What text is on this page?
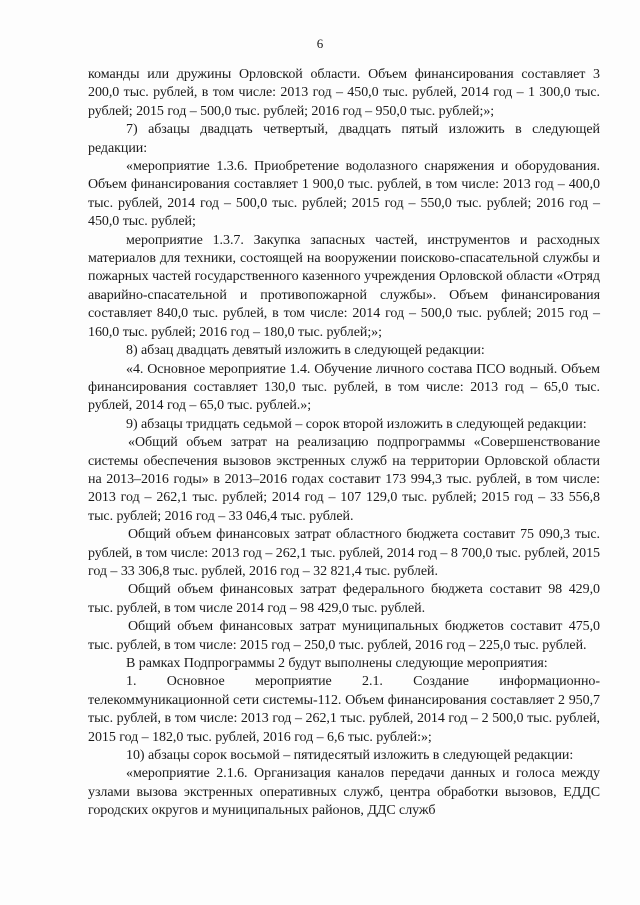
6

команды или дружины Орловской области. Объем финансирования составляет 3 200,0 тыс. рублей, в том числе: 2013 год – 450,0 тыс. рублей, 2014 год – 1 300,0 тыс. рублей; 2015 год – 500,0 тыс. рублей; 2016 год – 950,0 тыс. рублей;»;

7) абзацы двадцать четвертый, двадцать пятый изложить в следующей редакции:

«мероприятие 1.3.6. Приобретение водолазного снаряжения и оборудования. Объем финансирования составляет 1 900,0 тыс. рублей, в том числе: 2013 год – 400,0 тыс. рублей, 2014 год – 500,0 тыс. рублей; 2015 год – 550,0 тыс. рублей; 2016 год – 450,0 тыс. рублей;

мероприятие 1.3.7. Закупка запасных частей, инструментов и расходных материалов для техники, состоящей на вооружении поисково-спасательной службы и пожарных частей государственного казенного учреждения Орловской области «Отряд аварийно-спасательной и противопожарной службы». Объем финансирования составляет 840,0 тыс. рублей, в том числе: 2014 год – 500,0 тыс. рублей; 2015 год – 160,0 тыс. рублей; 2016 год – 180,0 тыс. рублей;»;

8) абзац двадцать девятый изложить в следующей редакции:

«4. Основное мероприятие 1.4. Обучение личного состава ПСО водный. Объем финансирования составляет 130,0 тыс. рублей, в том числе: 2013 год – 65,0 тыс. рублей, 2014 год – 65,0 тыс. рублей.»;

9) абзацы тридцать седьмой – сорок второй изложить в следующей редакции:

«Общий объем затрат на реализацию подпрограммы «Совершенствование системы обеспечения вызовов экстренных служб на территории Орловской области на 2013–2016 годы» в 2013–2016 годах составит 173 994,3 тыс. рублей, в том числе: 2013 год – 262,1 тыс. рублей; 2014 год – 107 129,0 тыс. рублей; 2015 год – 33 556,8 тыс. рублей; 2016 год – 33 046,4 тыс. рублей.

Общий объем финансовых затрат областного бюджета составит 75 090,3 тыс. рублей, в том числе: 2013 год – 262,1 тыс. рублей, 2014 год – 8 700,0 тыс. рублей, 2015 год – 33 306,8 тыс. рублей, 2016 год – 32 821,4 тыс. рублей.

Общий объем финансовых затрат федерального бюджета составит 98 429,0 тыс. рублей, в том числе 2014 год – 98 429,0 тыс. рублей.

Общий объем финансовых затрат муниципальных бюджетов составит 475,0 тыс. рублей, в том числе: 2015 год – 250,0 тыс. рублей, 2016 год – 225,0 тыс. рублей.

В рамках Подпрограммы 2 будут выполнены следующие мероприятия:

1. Основное мероприятие 2.1. Создание информационно-телекоммуникационной сети системы-112. Объем финансирования составляет 2 950,7 тыс. рублей, в том числе: 2013 год – 262,1 тыс. рублей, 2014 год – 2 500,0 тыс. рублей, 2015 год – 182,0 тыс. рублей, 2016 год – 6,6 тыс. рублей:»;

10) абзацы сорок восьмой – пятидесятый изложить в следующей редакции:

«мероприятие 2.1.6. Организация каналов передачи данных и голоса между узлами вызова экстренных оперативных служб, центра обработки вызовов, ЕДДС городских округов и муниципальных районов, ДДС служб
